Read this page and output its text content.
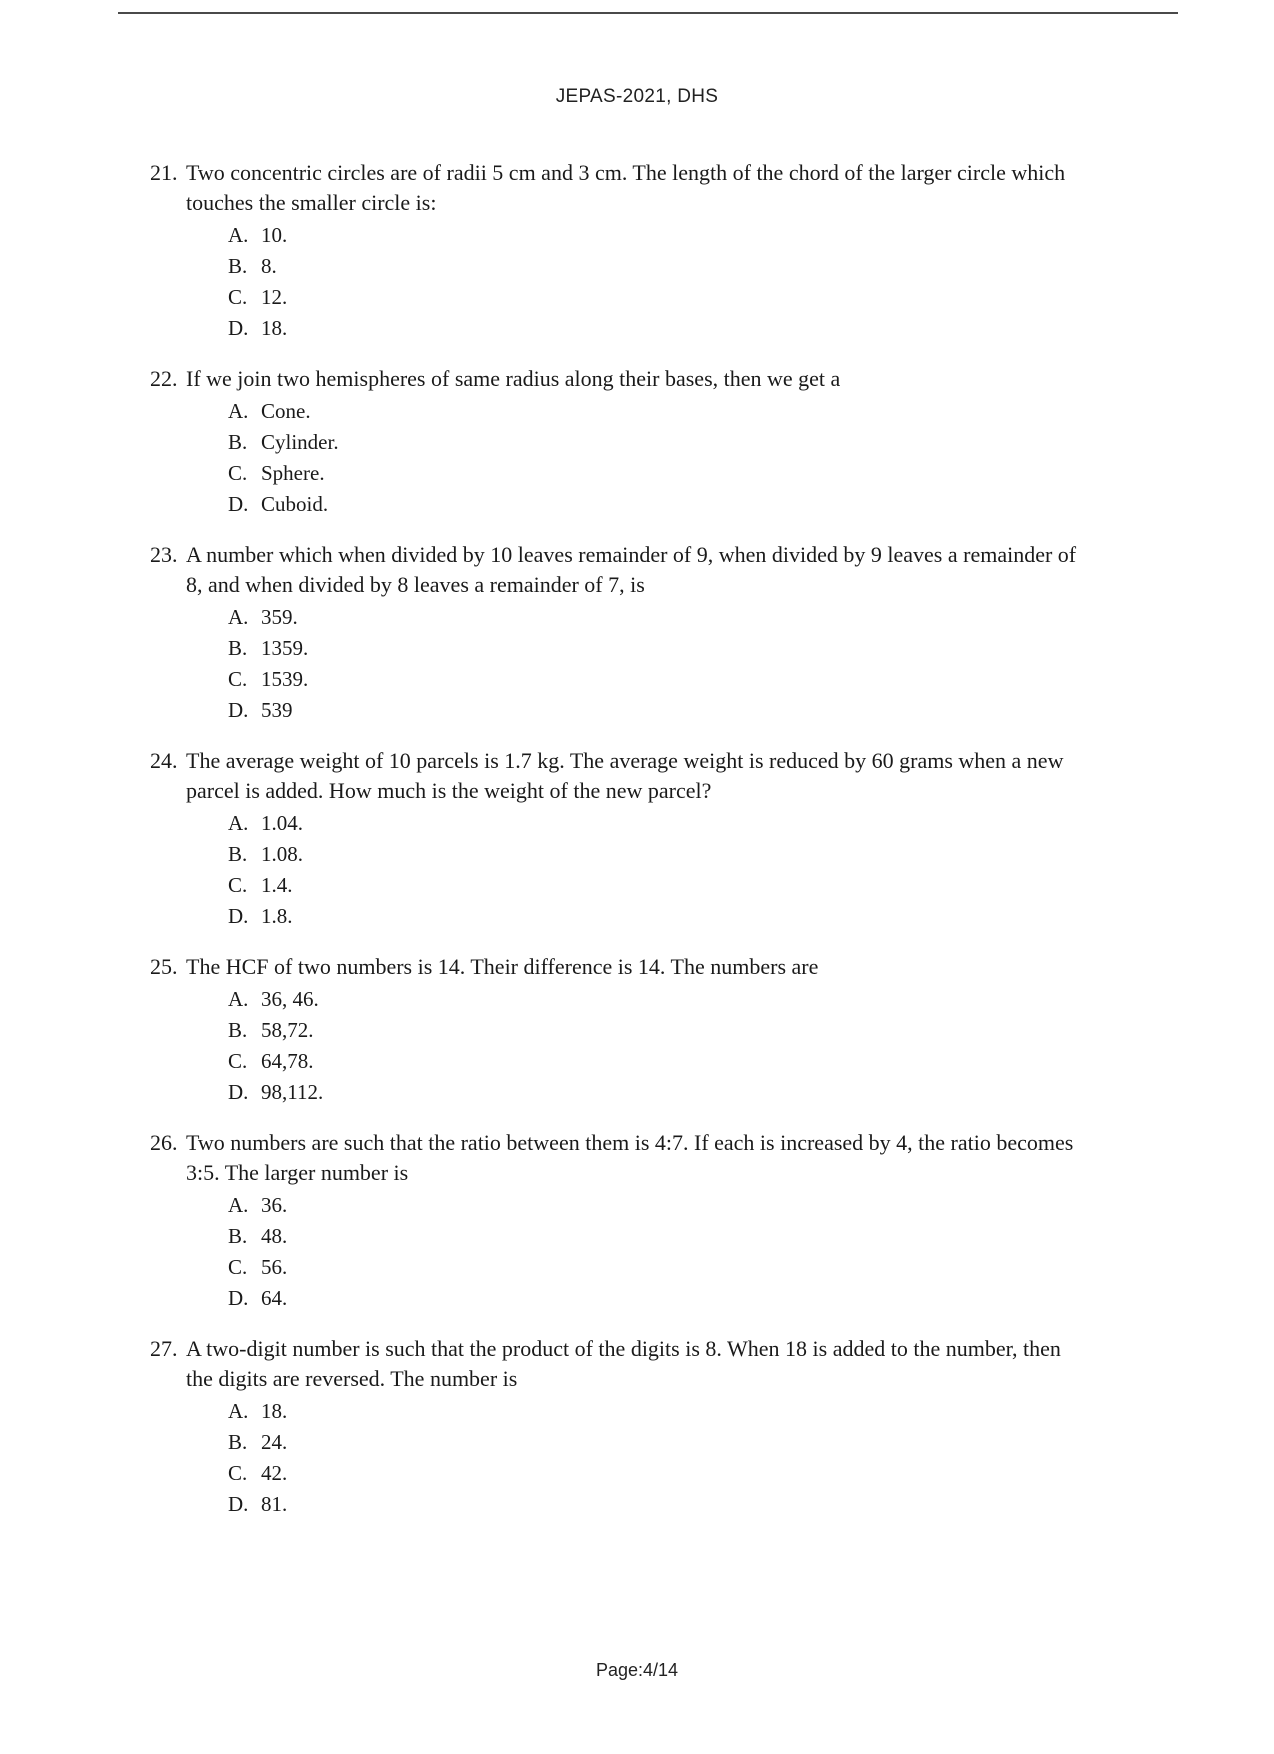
JEPAS-2021, DHS
21. Two concentric circles are of radii 5 cm and 3 cm. The length of the chord of the larger circle which touches the smaller circle is:
A. 10.
B. 8.
C. 12.
D. 18.
22. If we join two hemispheres of same radius along their bases, then we get a
A. Cone.
B. Cylinder.
C. Sphere.
D. Cuboid.
23. A number which when divided by 10 leaves remainder of 9, when divided by 9 leaves a remainder of 8, and when divided by 8 leaves a remainder of 7, is
A. 359.
B. 1359.
C. 1539.
D. 539
24. The average weight of 10 parcels is 1.7 kg. The average weight is reduced by 60 grams when a new parcel is added. How much is the weight of the new parcel?
A. 1.04.
B. 1.08.
C. 1.4.
D. 1.8.
25. The HCF of two numbers is 14. Their difference is 14. The numbers are
A. 36, 46.
B. 58,72.
C. 64,78.
D. 98,112.
26. Two numbers are such that the ratio between them is 4:7. If each is increased by 4, the ratio becomes 3:5. The larger number is
A. 36.
B. 48.
C. 56.
D. 64.
27. A two-digit number is such that the product of the digits is 8. When 18 is added to the number, then the digits are reversed. The number is
A. 18.
B. 24.
C. 42.
D. 81.
Page:4/14
